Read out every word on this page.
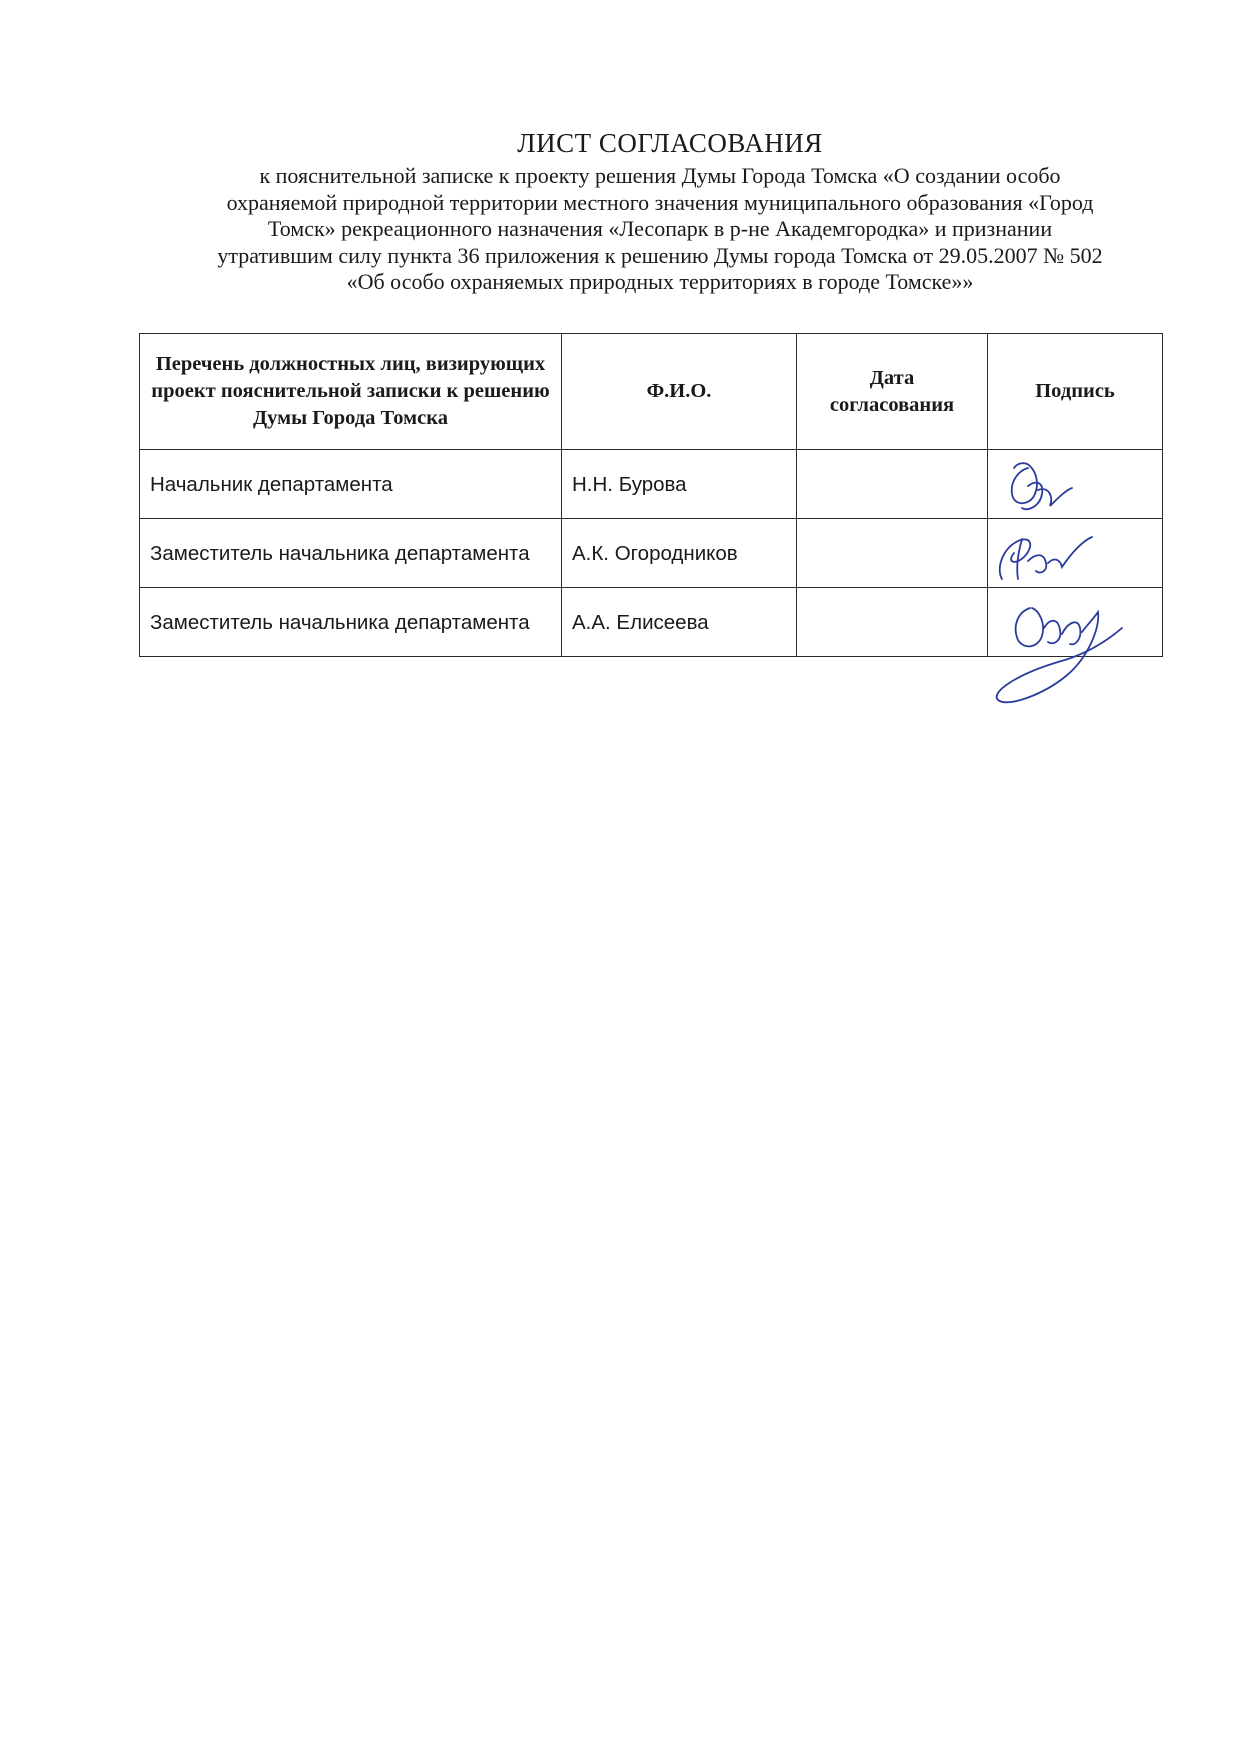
ЛИСТ СОГЛАСОВАНИЯ
к пояснительной записке к проекту решения Думы Города Томска «О создании особо
охраняемой природной территории местного значения муниципального образования «Город
Томск» рекреационного назначения «Лесопарк в р-не Академгородка» и признании
утратившим силу пункта 36 приложения к решению Думы города Томска от 29.05.2007 № 502
«Об особо охраняемых природных территориях в городе Томске»»
Перечень должностных лиц, визирующих проект пояснительной записки к решению Думы Города Томска	Ф.И.О.	Дата согласования	Подпись
Начальник департамента	Н.Н. Бурова		

Заместитель начальника департамента	А.К. Огородников		

Заместитель начальника департамента	А.А. Елисеева		
